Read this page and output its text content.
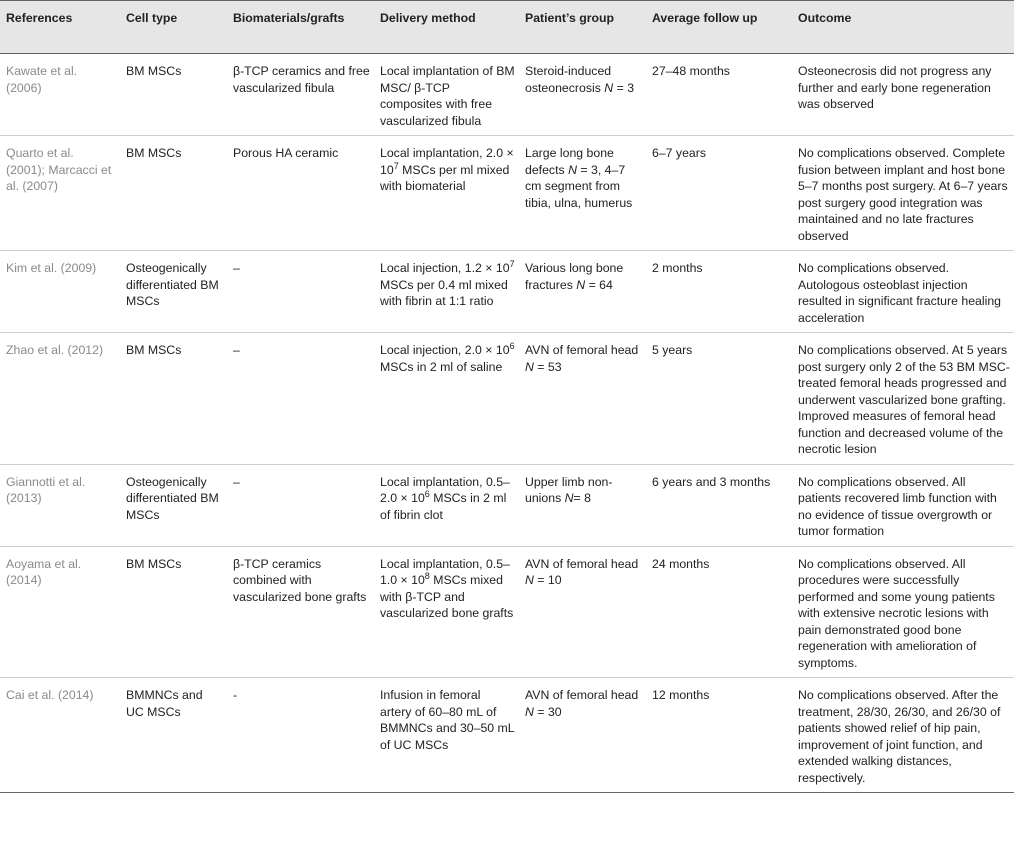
References	Cell type	Biomaterials/grafts	Delivery method	Patient’s group	Average follow up	Outcome
Kawate et al. (2006)	BM MSCs	β-TCP ceramics and free vascularized fibula	Local implantation of BM MSC/ β-TCP composites with free vascularized fibula	Steroid-induced osteonecrosis N = 3	27–48 months	Osteonecrosis did not progress any further and early bone regeneration was observed
Quarto et al. (2001); Marcacci et al. (2007)	BM MSCs	Porous HA ceramic	Local implantation, $2.0 \times 10^7$ MSCs per ml mixed with biomaterial	Large long bone defects N = 3, 4–7 cm segment from tibia, ulna, humerus	6–7 years	No complications observed. Complete fusion between implant and host bone 5–7 months post surgery. At 6–7 years post surgery good integration was maintained and no late fractures observed
Kim et al. (2009)	Osteogenically differentiated BM MSCs	–	Local injection, $1.2 \times 10^7$ MSCs per 0.4 ml mixed with fibrin at 1:1 ratio	Various long bone fractures N = 64	2 months	No complications observed. Autologous osteoblast injection resulted in significant fracture healing acceleration
Zhao et al. (2012)	BM MSCs	–	Local injection, $2.0 \times 10^6$ MSCs in 2 ml of saline	AVN of femoral head N = 53	5 years	No complications observed. At 5 years post surgery only 2 of the 53 BM MSC-treated femoral heads progressed and underwent vascularized bone grafting. Improved measures of femoral head function and decreased volume of the necrotic lesion
Giannotti et al. (2013)	Osteogenically differentiated BM MSCs	–	Local implantation, $0.5-2.0 \times 10^6$ MSCs in 2 ml of fibrin clot	Upper limb non-unions N= 8	6 years and 3 months	No complications observed. All patients recovered limb function with no evidence of tissue overgrowth or tumor formation
Aoyama et al. (2014)	BM MSCs	β-TCP ceramics combined with vascularized bone grafts	Local implantation, $0.5-1.0 \times 10^8$ MSCs mixed with β-TCP and vascularized bone grafts	AVN of femoral head N = 10	24 months	No complications observed. All procedures were successfully performed and some young patients with extensive necrotic lesions with pain demonstrated good bone regeneration with amelioration of symptoms.
Cai et al. (2014)	BMMNCs and UC MSCs	-	Infusion in femoral artery of 60–80 mL of BMMNCs and 30–50 mL of UC MSCs	AVN of femoral head N = 30	12 months	No complications observed. After the treatment, 28/30, 26/30, and 26/30 of patients showed relief of hip pain, improvement of joint function, and extended walking distances, respectively.
